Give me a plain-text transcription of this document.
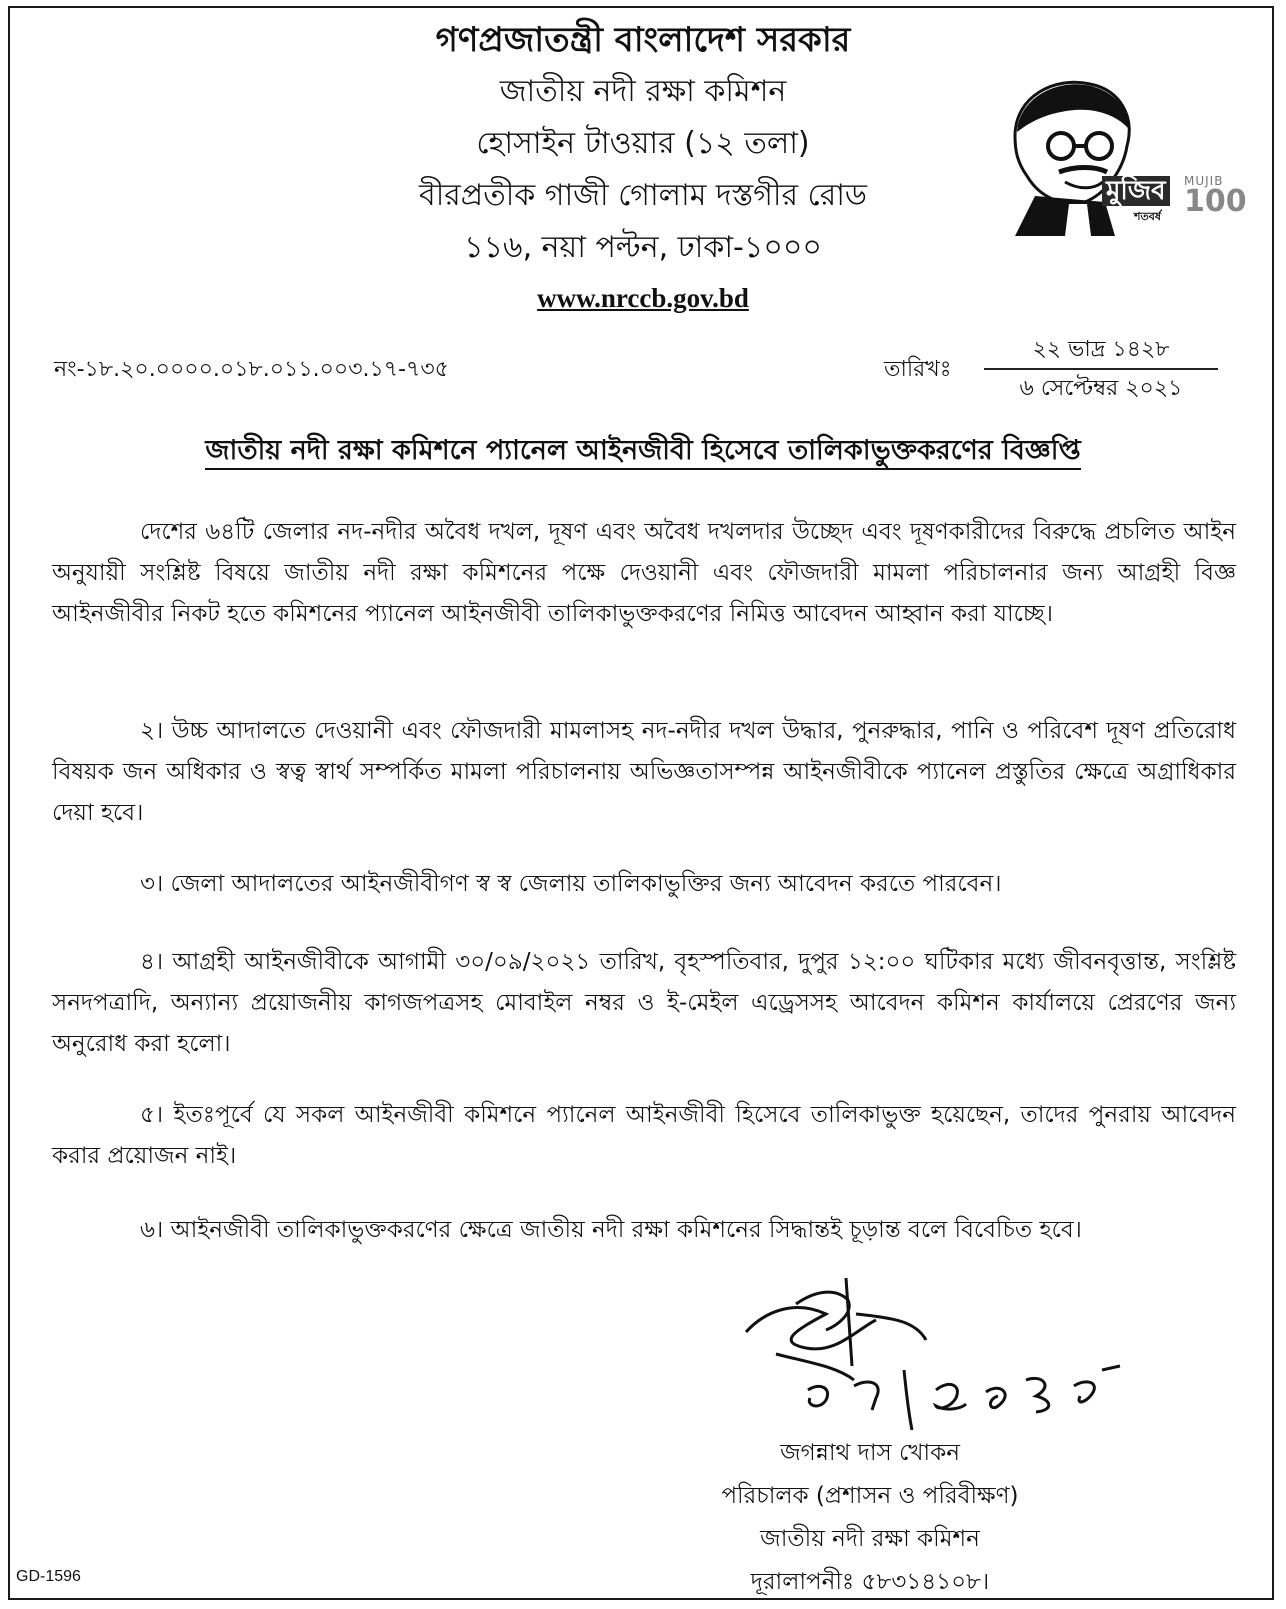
গণপ্রজাতন্ত্রী বাংলাদেশ সরকার
জাতীয় নদী রক্ষা কমিশন
হোসাইন টাওয়ার (১২ তলা)
বীরপ্রতীক গাজী গোলাম দস্তগীর রোড
১১৬, নয়া পল্টন, ঢাকা-১০০০
www.nrccb.gov.bd
মুজিব
শতবর্ষ
MUJIB
100
নং-১৮.২০.০০০০.০১৮.০১১.০০৩.১৭-৭৩৫	তারিখঃ
২২ ভাদ্র ১৪২৮
৬ সেপ্টেম্বর ২০২১
জাতীয় নদী রক্ষা কমিশনে প্যানেল আইনজীবী হিসেবে তালিকাভুক্তকরণের বিজ্ঞপ্তি
দেশের ৬৪টি জেলার নদ-নদীর অবৈধ দখল, দূষণ এবং অবৈধ দখলদার উচ্ছেদ এবং দূষণকারীদের বিরুদ্ধে প্রচলিত আইন অনুযায়ী সংশ্লিষ্ট বিষয়ে জাতীয় নদী রক্ষা কমিশনের পক্ষে দেওয়ানী এবং ফৌজদারী মামলা পরিচালনার জন্য আগ্রহী বিজ্ঞ আইনজীবীর নিকট হতে কমিশনের প্যানেল আইনজীবী তালিকাভুক্তকরণের নিমিত্ত আবেদন আহ্বান করা যাচ্ছে।
২। উচ্চ আদালতে দেওয়ানী এবং ফৌজদারী মামলাসহ নদ-নদীর দখল উদ্ধার, পুনরুদ্ধার, পানি ও পরিবেশ দূষণ প্রতিরোধ বিষয়ক জন অধিকার ও স্বত্ব স্বার্থ সম্পর্কিত মামলা পরিচালনায় অভিজ্ঞতাসম্পন্ন আইনজীবীকে প্যানেল প্রস্তুতির ক্ষেত্রে অগ্রাধিকার দেয়া হবে।
৩। জেলা আদালতের আইনজীবীগণ স্ব স্ব জেলায় তালিকাভুক্তির জন্য আবেদন করতে পারবেন।
৪। আগ্রহী আইনজীবীকে আগামী ৩০/০৯/২০২১ তারিখ, বৃহস্পতিবার, দুপুর ১২:০০ ঘটিকার মধ্যে জীবনবৃত্তান্ত, সংশ্লিষ্ট সনদপত্রাদি, অন্যান্য প্রয়োজনীয় কাগজপত্রসহ মোবাইল নম্বর ও ই-মেইল এড্রেসসহ আবেদন কমিশন কার্যালয়ে প্রেরণের জন্য অনুরোধ করা হলো।
৫। ইতঃপূর্বে যে সকল আইনজীবী কমিশনে প্যানেল আইনজীবী হিসেবে তালিকাভুক্ত হয়েছেন, তাদের পুনরায় আবেদন করার প্রয়োজন নাই।
৬। আইনজীবী তালিকাভুক্তকরণের ক্ষেত্রে জাতীয় নদী রক্ষা কমিশনের সিদ্ধান্তই চূড়ান্ত বলে বিবেচিত হবে।
জগন্নাথ দাস খোকন
পরিচালক (প্রশাসন ও পরিবীক্ষণ)
জাতীয় নদী রক্ষা কমিশন
দূরালাপনীঃ ৫৮৩১৪১০৮।
GD-1596
